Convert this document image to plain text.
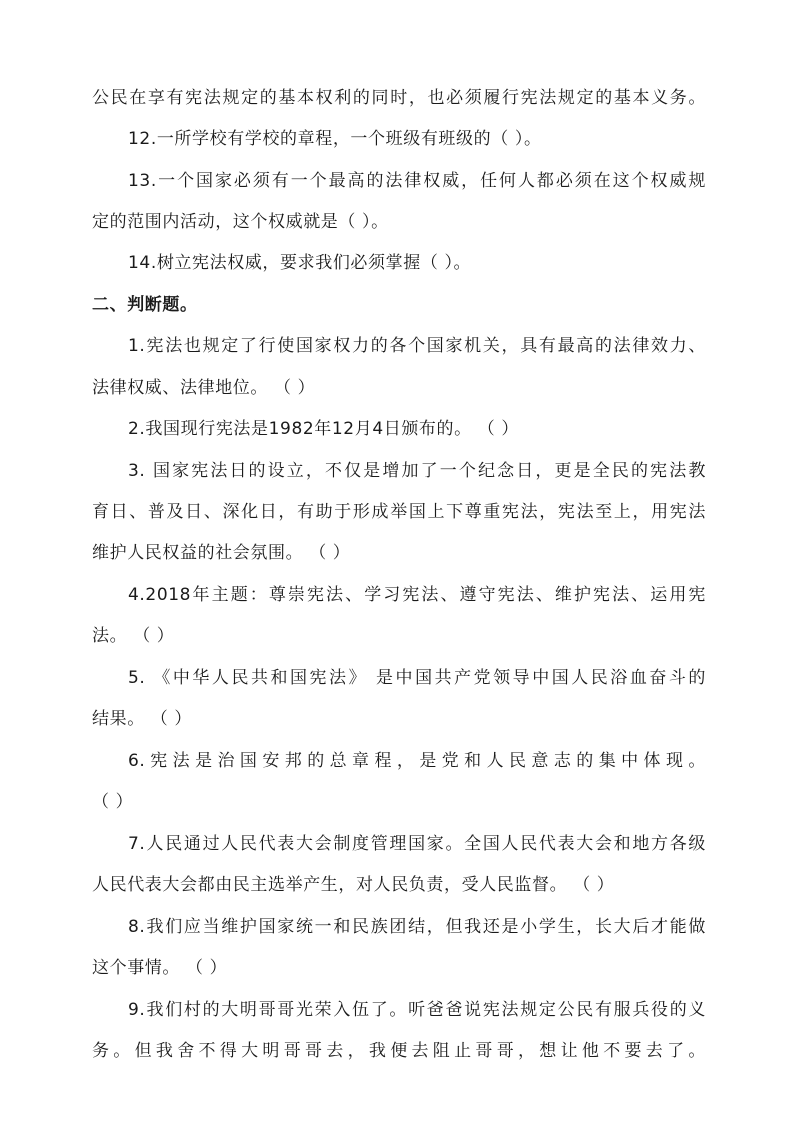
公民在享有宪法规定的基本权利的同时，也必须履行宪法规定的基本义务。
12.一所学校有学校的章程，一个班级有班级的（ ）。
13.一个国家必须有一个最高的法律权威，任何人都必须在这个权威规
定的范围内活动，这个权威就是（ ）。
14.树立宪法权威，要求我们必须掌握（ ）。
二、判断题。
1.宪法也规定了行使国家权力的各个国家机关，具有最高的法律效力、
法律权威、法律地位。 （ ）
2.我国现行宪法是1982年12月4日颁布的。 （ ）
3. 国家宪法日的设立，不仅是增加了一个纪念日，更是全民的宪法教
育日、普及日、深化日，有助于形成举国上下尊重宪法，宪法至上，用宪法
维护人民权益的社会氛围。 （ ）
4.2018年主题：尊崇宪法、学习宪法、遵守宪法、维护宪法、运用宪
法。 （ ）
5. 《中华人民共和国宪法》 是中国共产党领导中国人民浴血奋斗的
结果。 （ ）
6.宪法是治国安邦的总章程，是党和人民意志的集中体现。
（ ）
7.人民通过人民代表大会制度管理国家。全国人民代表大会和地方各级
人民代表大会都由民主选举产生，对人民负责，受人民监督。 （ ）
8.我们应当维护国家统一和民族团结，但我还是小学生，长大后才能做
这个事情。 （ ）
9.我们村的大明哥哥光荣入伍了。听爸爸说宪法规定公民有服兵役的义
务。但我舍不得大明哥哥去，我便去阻止哥哥，想让他不要去了。
